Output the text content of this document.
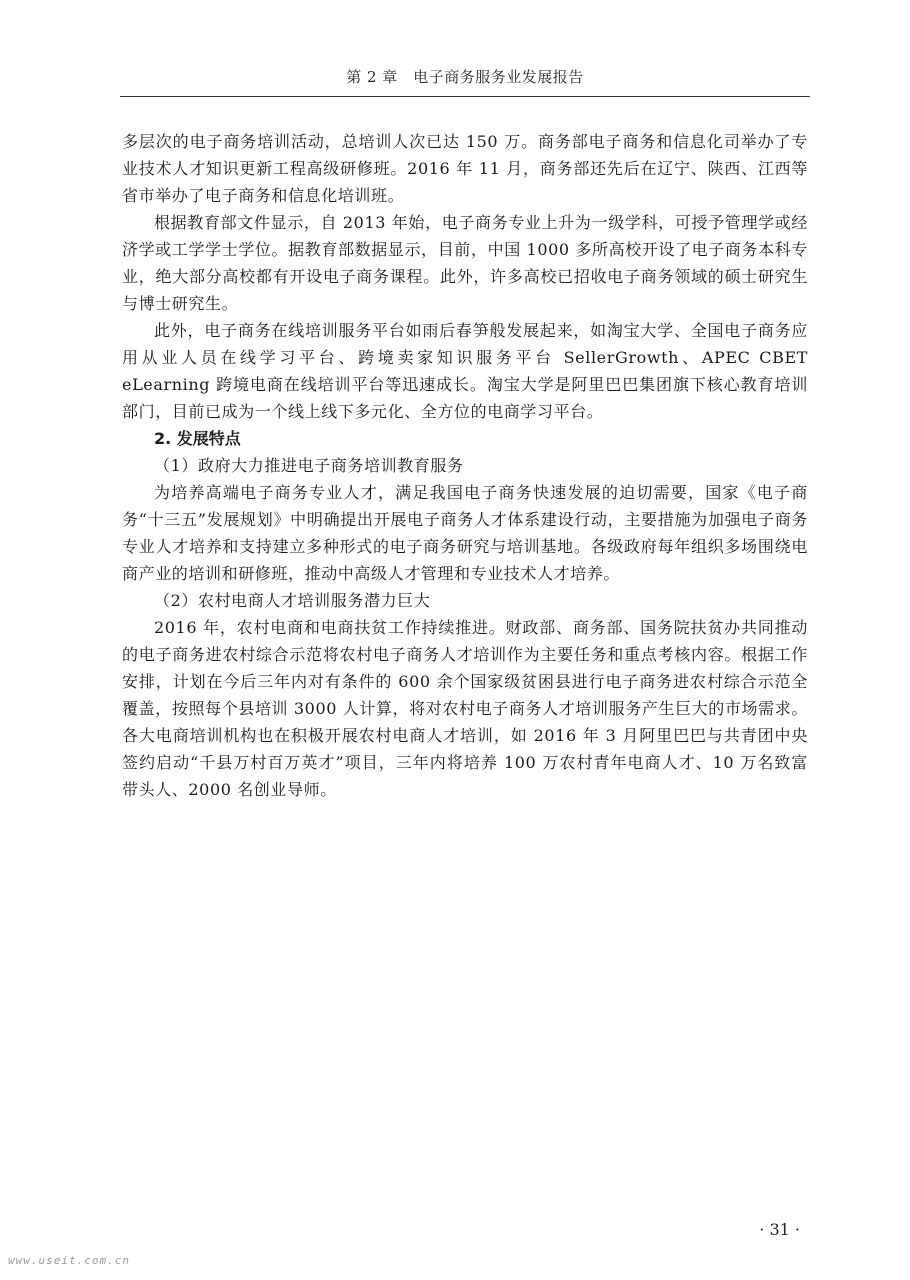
第 2 章　电子商务服务业发展报告

多层次的电子商务培训活动，总培训人次已达 150 万。商务部电子商务和信息化司举办了专业技术人才知识更新工程高级研修班。2016 年 11 月，商务部还先后在辽宁、陕西、江西等省市举办了电子商务和信息化培训班。

根据教育部文件显示，自 2013 年始，电子商务专业上升为一级学科，可授予管理学或经济学或工学学士学位。据教育部数据显示，目前，中国 1000 多所高校开设了电子商务本科专业，绝大部分高校都有开设电子商务课程。此外，许多高校已招收电子商务领域的硕士研究生与博士研究生。

此外，电子商务在线培训服务平台如雨后春笋般发展起来，如淘宝大学、全国电子商务应用从业人员在线学习平台、跨境卖家知识服务平台 SellerGrowth、APEC CBET eLearning 跨境电商在线培训平台等迅速成长。淘宝大学是阿里巴巴集团旗下核心教育培训部门，目前已成为一个线上线下多元化、全方位的电商学习平台。

2. 发展特点

（1）政府大力推进电子商务培训教育服务

为培养高端电子商务专业人才，满足我国电子商务快速发展的迫切需要，国家《电子商务“十三五”发展规划》中明确提出开展电子商务人才体系建设行动，主要措施为加强电子商务专业人才培养和支持建立多种形式的电子商务研究与培训基地。各级政府每年组织多场围绕电商产业的培训和研修班，推动中高级人才管理和专业技术人才培养。

（2）农村电商人才培训服务潜力巨大

2016 年，农村电商和电商扶贫工作持续推进。财政部、商务部、国务院扶贫办共同推动的电子商务进农村综合示范将农村电子商务人才培训作为主要任务和重点考核内容。根据工作安排，计划在今后三年内对有条件的 600 余个国家级贫困县进行电子商务进农村综合示范全覆盖，按照每个县培训 3000 人计算，将对农村电子商务人才培训服务产生巨大的市场需求。各大电商培训机构也在积极开展农村电商人才培训，如 2016 年 3 月阿里巴巴与共青团中央签约启动“千县万村百万英才”项目，三年内将培养 100 万农村青年电商人才、10 万名致富带头人、2000 名创业导师。

· 31 ·
www.useit.com.cn
